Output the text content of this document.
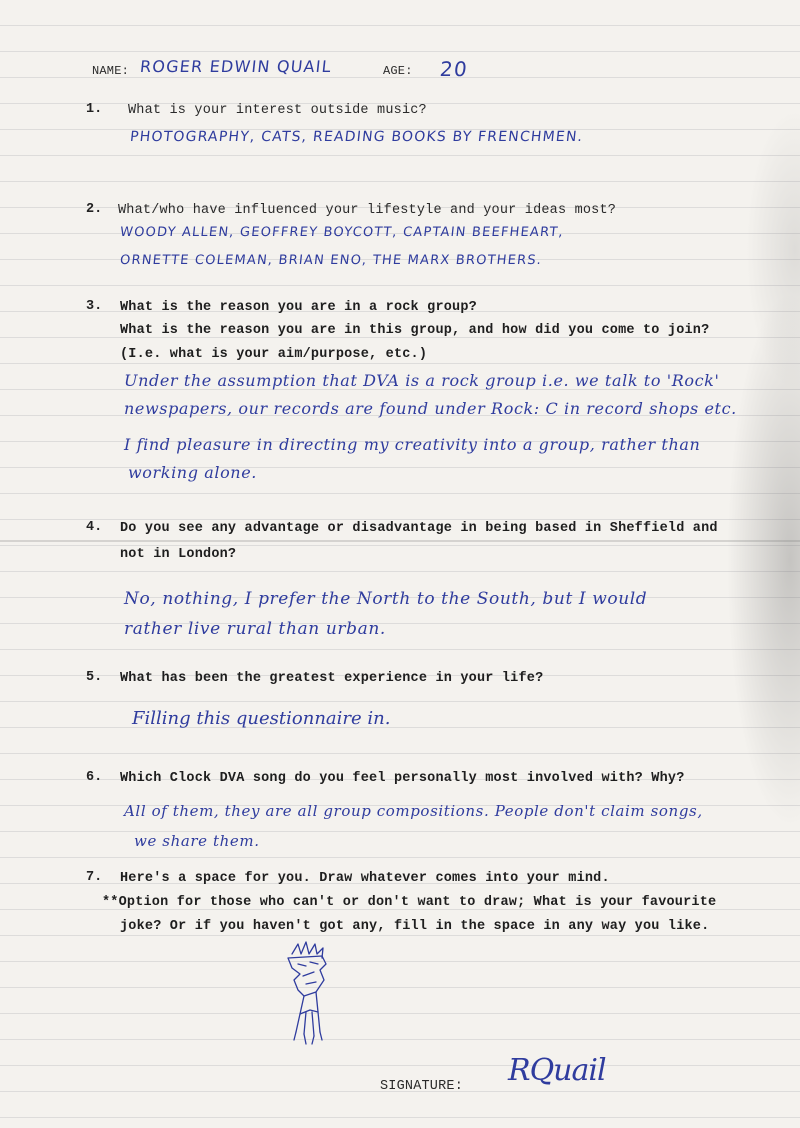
NAME: ROGER EDWIN QUAIL	AGE: 20
1. What is your interest outside music?
PHOTOGRAPHY, CATS, READING BOOKS BY FRENCHMEN.
2. What/who have influenced your lifestyle and your ideas most?
WOODY ALLEN, GEOFFREY BOYCOTT, CAPTAIN BEEFHEART,
ORNETTE COLEMAN, BRIAN ENO, THE MARX BROTHERS.
3. What is the reason you are in a rock group?
What is the reason you are in this group, and how did you come to join?
(I.e. what is your aim/purpose, etc.)
Under the assumption that DVA is a rock group i.e. we talk to 'Rock'
newspapers, our records are found under Rock: C in record shops etc.
I find pleasure in directing my creativity into a group, rather than
working alone.
4. Do you see any advantage or disadvantage in being based in Sheffield and
not in London?
No, nothing, I prefer the North to the South, but I would
rather live rural than urban.
5. What has been the greatest experience in your life?
Filling this questionnaire in.
6. Which Clock DVA song do you feel personally most involved with? Why?
All of them, they are all group compositions. People don't claim songs,
we share them.
7. Here's a space for you. Draw whatever comes into your mind.
**Option for those who can't or don't want to draw; What is your favourite
joke? Or if you haven't got any, fill in the space in any way you like.
SIGNATURE: RQuail
